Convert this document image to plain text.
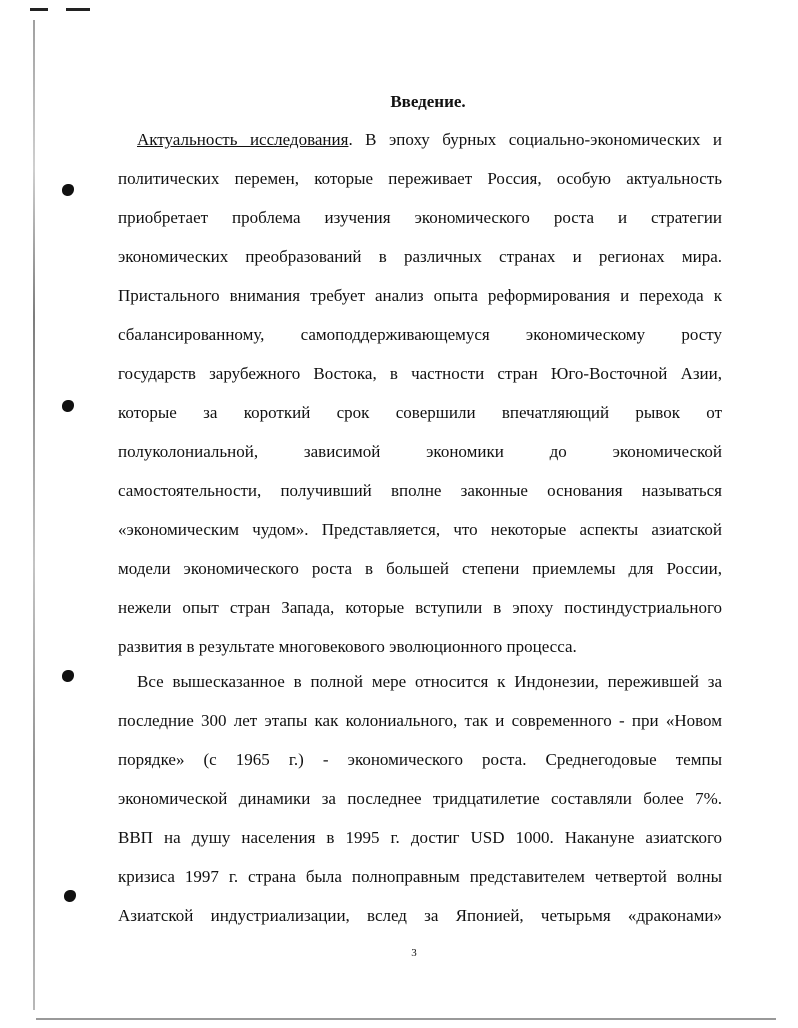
Введение.
Актуальность исследования. В эпоху бурных социально-экономических и
политических перемен, которые переживает Россия, особую актуальность
приобретает проблема изучения экономического роста и стратегии
экономических преобразований в различных странах и регионах мира.
Пристального внимания требует анализ опыта реформирования и перехода к
сбалансированному, самоподдерживающемуся экономическому росту
государств зарубежного Востока, в частности стран Юго-Восточной Азии,
которые за короткий срок совершили впечатляющий рывок от
полуколониальной, зависимой экономики до экономической
самостоятельности, получивший вполне законные основания называться
«экономическим чудом». Представляется, что некоторые аспекты азиатской
модели экономического роста в большей степени приемлемы для России,
нежели опыт стран Запада, которые вступили в эпоху постиндустриального
развития в результате многовекового эволюционного процесса.
Все вышесказанное в полной мере относится к Индонезии, пережившей за
последние 300 лет этапы как колониального, так и современного - при «Новом
порядке» (с 1965 г.) - экономического роста. Среднегодовые темпы
экономической динамики за последнее тридцатилетие составляли более 7%.
ВВП на душу населения в 1995 г. достиг USD 1000. Накануне азиатского
кризиса 1997 г. страна была полноправным представителем четвертой волны
Азиатской индустриализации, вслед за Японией, четырьмя «драконами»
3
